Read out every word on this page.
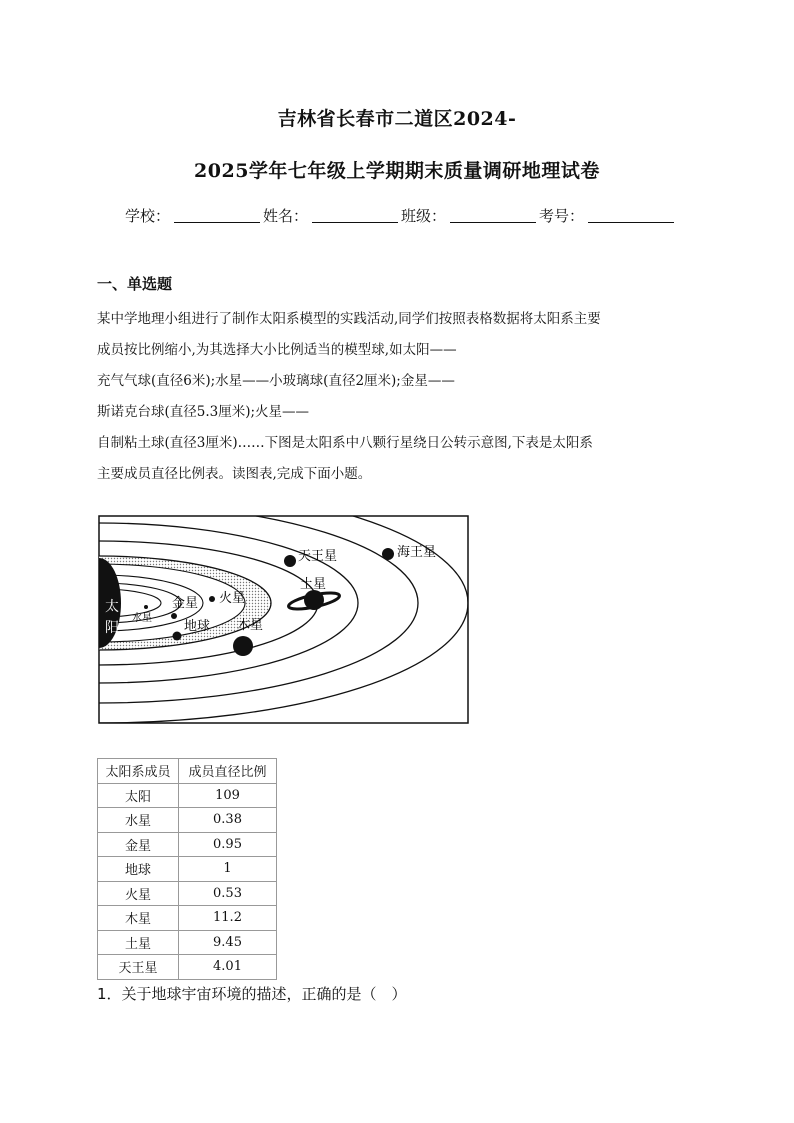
吉林省长春市二道区2024-
2025学年七年级上学期期末质量调研地理试卷
学校：	姓名：	班级：	考号：
一、单选题
某中学地理小组进行了制作太阳系模型的实践活动,同学们按照表格数据将太阳系主要
成员按比例缩小,为其选择大小比例适当的模型球,如太阳——
充气气球(直径6米);水星——小玻璃球(直径2厘米);金星——
斯诺克台球(直径5.3厘米);火星——
自制粘土球(直径3厘米)……下图是太阳系中八颗行星绕日公转示意图,下表是太阳系
主要成员直径比例表。读图表,完成下面小题。
太
阳
水星
金星
地球
火星
木星
土星
天王星	海王星
太阳系成员	成员直径比例
太阳	109
水星	0.38
金星	0.95
地球	1
火星	0.53
木星	11.2
土星	9.45
天王星	4.01
1．关于地球宇宙环境的描述，正确的是（　）
